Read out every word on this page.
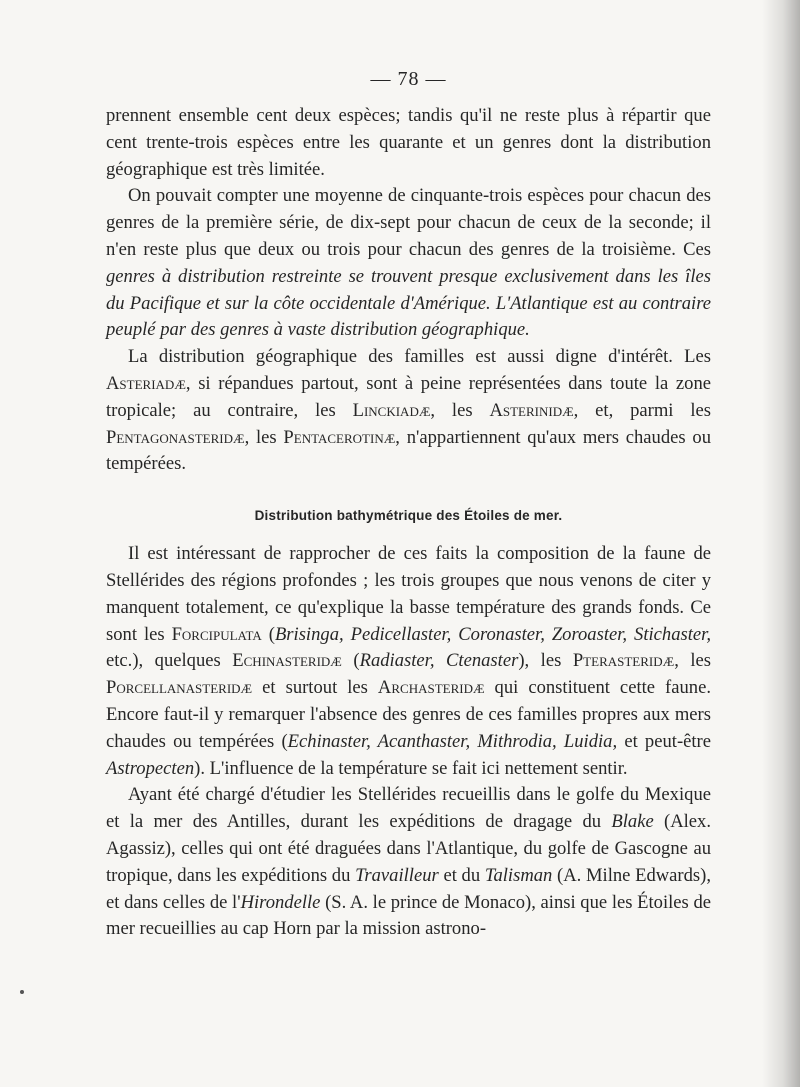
— 78 —

prennent ensemble cent deux espèces; tandis qu'il ne reste plus à répartir que cent trente-trois espèces entre les quarante et un genres dont la distribution géographique est très limitée.

On pouvait compter une moyenne de cinquante-trois espèces pour chacun des genres de la première série, de dix-sept pour chacun de ceux de la seconde; il n'en reste plus que deux ou trois pour chacun des genres de la troisième. Ces genres à distribution restreinte se trouvent presque exclusivement dans les îles du Pacifique et sur la côte occidentale d'Amérique. L'Atlantique est au contraire peuplé par des genres à vaste distribution géographique.

La distribution géographique des familles est aussi digne d'intérêt. Les Asteriadæ, si répandues partout, sont à peine représentées dans toute la zone tropicale; au contraire, les Linckiadæ, les Asterinidæ, et, parmi les Pentagonasteridæ, les Pentacerotinæ, n'appartiennent qu'aux mers chaudes ou tempérées.

Distribution bathymétrique des Étoiles de mer.

Il est intéressant de rapprocher de ces faits la composition de la faune de Stellérides des régions profondes ; les trois groupes que nous venons de citer y manquent totalement, ce qu'explique la basse température des grands fonds. Ce sont les Forcipulata (Brisinga, Pedicellaster, Coronaster, Zoroaster, Stichaster, etc.), quelques Echinasteridæ (Radiaster, Ctenaster), les Pterasteridæ, les Porcellanasteridæ et surtout les Archasteridæ qui constituent cette faune. Encore faut-il y remarquer l'absence des genres de ces familles propres aux mers chaudes ou tempérées (Echinaster, Acanthaster, Mithrodia, Luidia, et peut-être Astropecten). L'influence de la température se fait ici nettement sentir.

Ayant été chargé d'étudier les Stellérides recueillis dans le golfe du Mexique et la mer des Antilles, durant les expéditions de dragage du Blake (Alex. Agassiz), celles qui ont été draguées dans l'Atlantique, du golfe de Gascogne au tropique, dans les expéditions du Travailleur et du Talisman (A. Milne Edwards), et dans celles de l'Hirondelle (S. A. le prince de Monaco), ainsi que les Étoiles de mer recueillies au cap Horn par la mission astrono-
